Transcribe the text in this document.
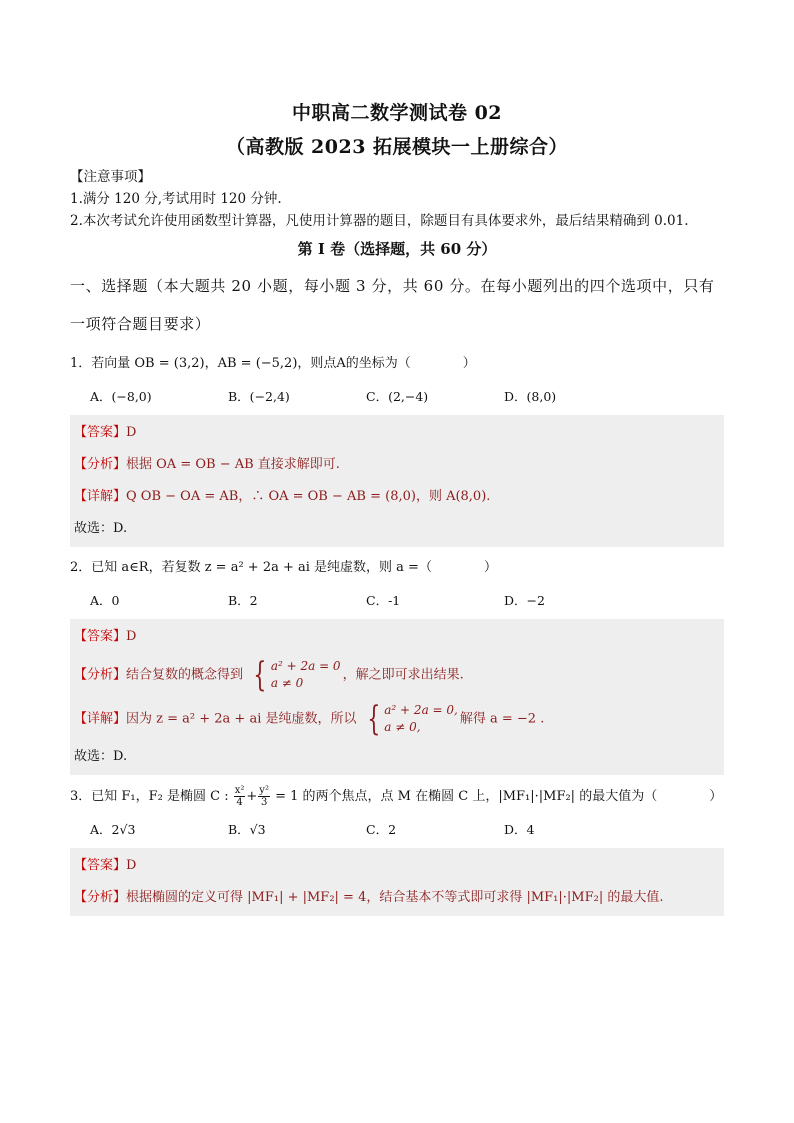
中职高二数学测试卷 02
（高教版 2023 拓展模块一上册综合）
【注意事项】
1.满分 120 分,考试用时 120 分钟.
2.本次考试允许使用函数型计算器，凡使用计算器的题目，除题目有具体要求外，最后结果精确到 0.01.
第 I 卷（选择题，共 60 分）
一、选择题（本大题共 20 小题，每小题 3 分，共 60 分。在每小题列出的四个选项中，只有一项符合题目要求）
1．若向量 OB = (3,2)，AB = (−5,2)，则点A的坐标为（　　　　）
A．(−8,0)	B．(−2,4)	C．(2,−4)	D．(8,0)
【答案】D
【分析】根据 OA = OB − AB 直接求解即可.
【详解】Q OB − OA = AB，∴ OA = OB − AB = (8,0)，则 A(8,0).
故选：D.
2．已知 a∈R，若复数 z = a² + 2a + ai 是纯虚数，则 a =（　　　　）
A．0	B．2	C．-1	D．−2
【答案】D
【分析】结合复数的概念得到 { a² + 2a = 0
a ≠ 0
，解之即可求出结果.
【详解】因为 z = a² + 2a + ai 是纯虚数，所以 { a² + 2a = 0,
a ≠ 0,
解得 a = −2 .
故选：D.
3．已知 F₁，F₂ 是椭圆 C : $\frac{\text{x²}}{4} + \frac{\text{y²}}{3} = 1$ 的两个焦点，点 M 在椭圆 C 上，|MF₁|·|MF₂| 的最大值为（　　　　）
A．2√3	B．√3	C．2	D．4
【答案】D
【分析】根据椭圆的定义可得 |MF₁| + |MF₂| = 4，结合基本不等式即可求得 |MF₁|·|MF₂| 的最大值.
